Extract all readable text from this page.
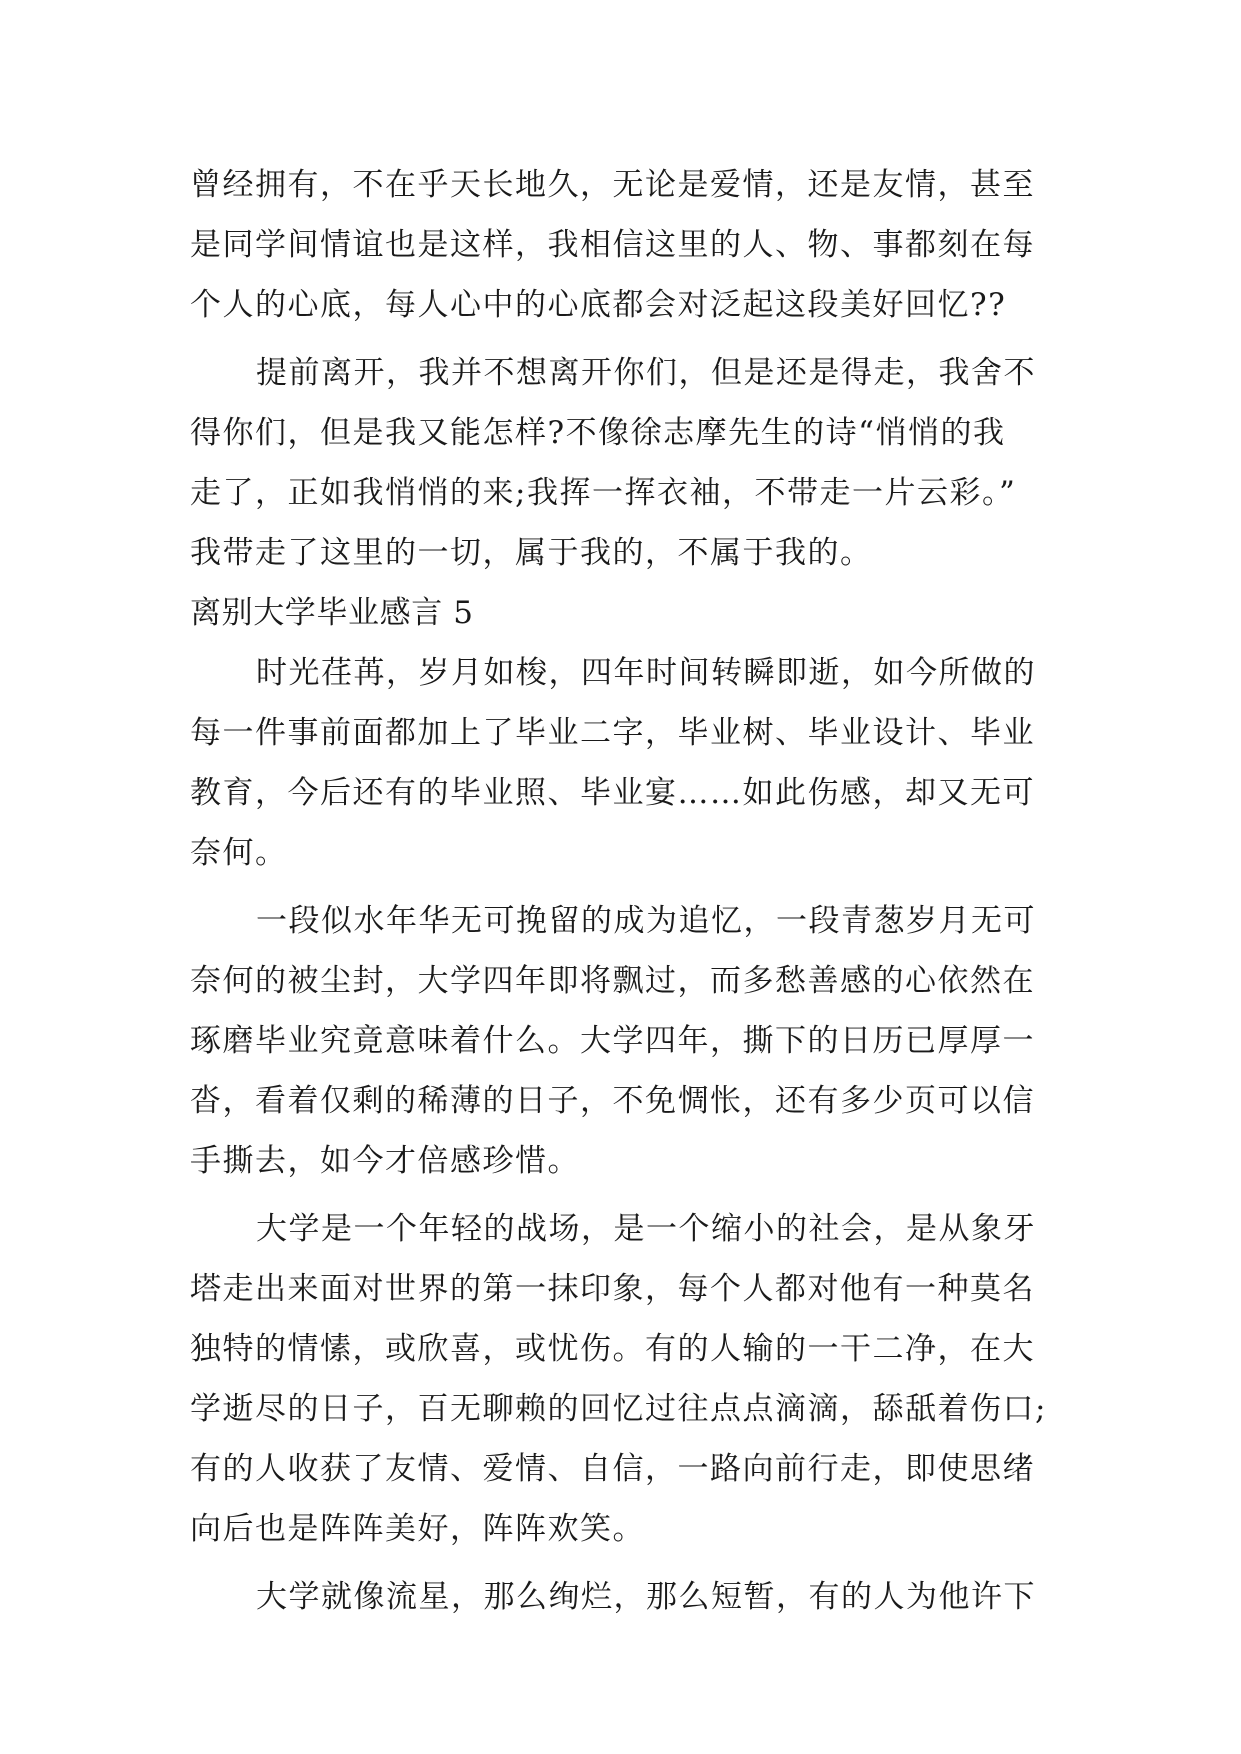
曾经拥有，不在乎天长地久，无论是爱情，还是友情，甚至
是同学间情谊也是这样，我相信这里的人、物、事都刻在每
个人的心底，每人心中的心底都会对泛起这段美好回忆??
提前离开，我并不想离开你们，但是还是得走，我舍不
得你们，但是我又能怎样?不像徐志摩先生的诗“悄悄的我
走了，正如我悄悄的来;我挥一挥衣袖，不带走一片云彩。”
我带走了这里的一切，属于我的，不属于我的。
离别大学毕业感言 5
时光荏苒，岁月如梭，四年时间转瞬即逝，如今所做的
每一件事前面都加上了毕业二字，毕业树、毕业设计、毕业
教育，今后还有的毕业照、毕业宴……如此伤感，却又无可
奈何。
一段似水年华无可挽留的成为追忆，一段青葱岁月无可
奈何的被尘封，大学四年即将飘过，而多愁善感的心依然在
琢磨毕业究竟意味着什么。大学四年，撕下的日历已厚厚一
沓，看着仅剩的稀薄的日子，不免惆怅，还有多少页可以信
手撕去，如今才倍感珍惜。
大学是一个年轻的战场，是一个缩小的社会，是从象牙
塔走出来面对世界的第一抹印象，每个人都对他有一种莫名
独特的情愫，或欣喜，或忧伤。有的人输的一干二净，在大
学逝尽的日子，百无聊赖的回忆过往点点滴滴，舔舐着伤口;
有的人收获了友情、爱情、自信，一路向前行走，即使思绪
向后也是阵阵美好，阵阵欢笑。
大学就像流星，那么绚烂，那么短暂，有的人为他许下
